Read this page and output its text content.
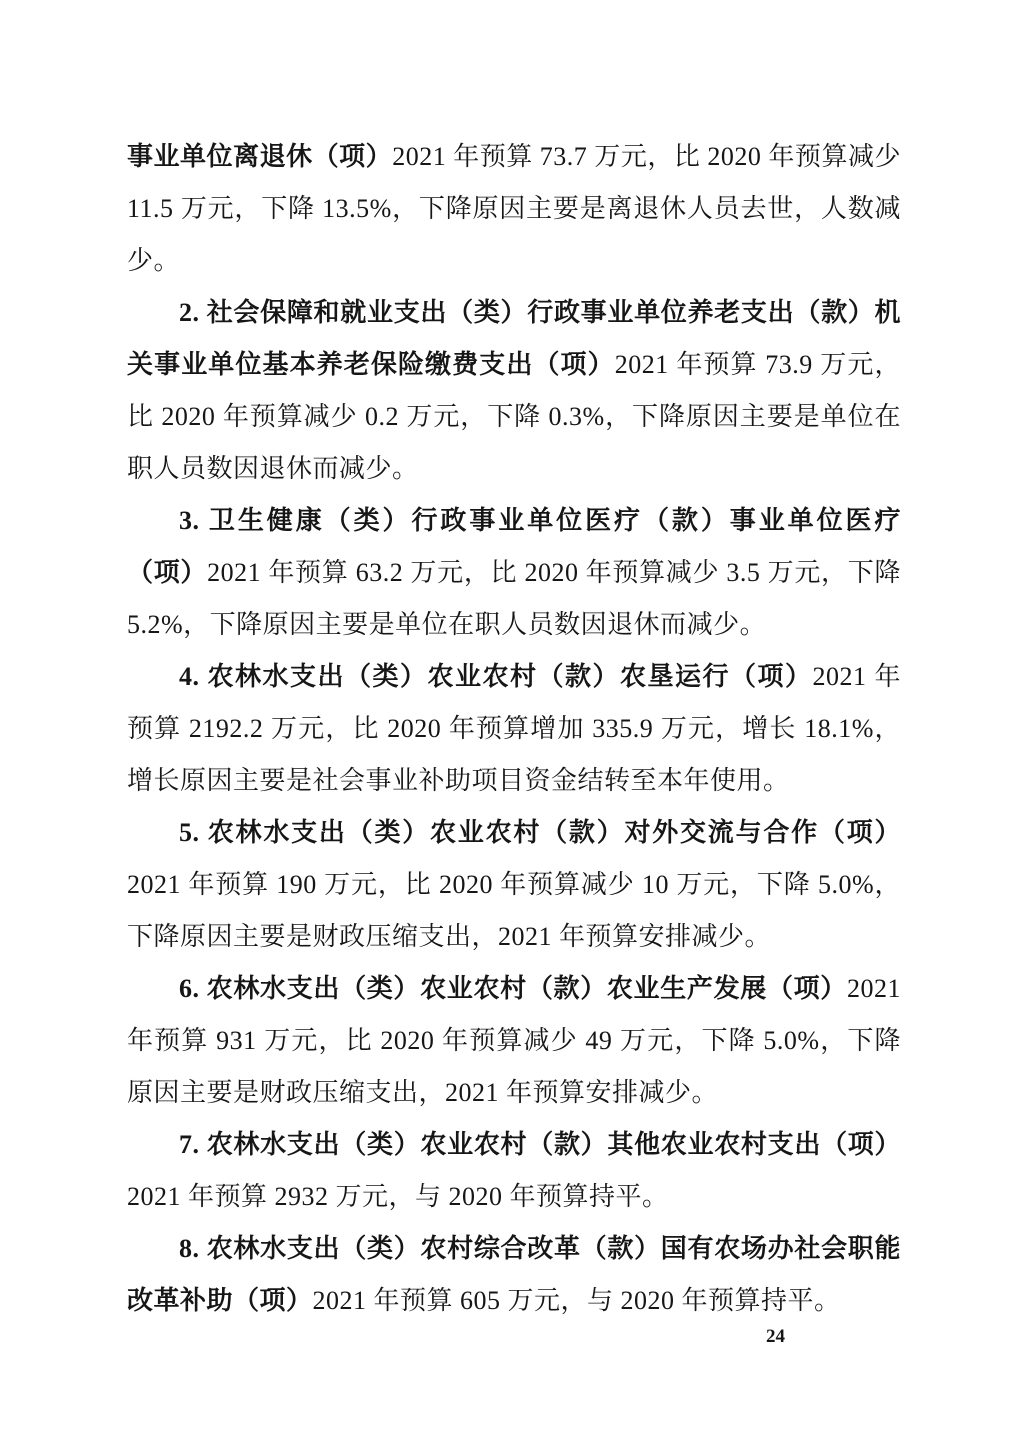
事业单位离退休（项）2021 年预算 73.7 万元，比 2020 年预算减少 11.5 万元，下降 13.5%，下降原因主要是离退休人员去世，人数减少。

2. 社会保障和就业支出（类）行政事业单位养老支出（款）机关事业单位基本养老保险缴费支出（项）2021 年预算 73.9 万元，比 2020 年预算减少 0.2 万元，下降 0.3%，下降原因主要是单位在职人员数因退休而减少。

3. 卫生健康（类）行政事业单位医疗（款）事业单位医疗（项）2021 年预算 63.2 万元，比 2020 年预算减少 3.5 万元，下降 5.2%，下降原因主要是单位在职人员数因退休而减少。

4. 农林水支出（类）农业农村（款）农垦运行（项）2021 年预算 2192.2 万元，比 2020 年预算增加 335.9 万元，增长 18.1%，增长原因主要是社会事业补助项目资金结转至本年使用。

5. 农林水支出（类）农业农村（款）对外交流与合作（项）2021 年预算 190 万元，比 2020 年预算减少 10 万元，下降 5.0%，下降原因主要是财政压缩支出，2021 年预算安排减少。

6. 农林水支出（类）农业农村（款）农业生产发展（项）2021 年预算 931 万元，比 2020 年预算减少 49 万元，下降 5.0%，下降原因主要是财政压缩支出，2021 年预算安排减少。

7. 农林水支出（类）农业农村（款）其他农业农村支出（项）2021 年预算 2932 万元，与 2020 年预算持平。

8. 农林水支出（类）农村综合改革（款）国有农场办社会职能改革补助（项）2021 年预算 605 万元，与 2020 年预算持平。

24
